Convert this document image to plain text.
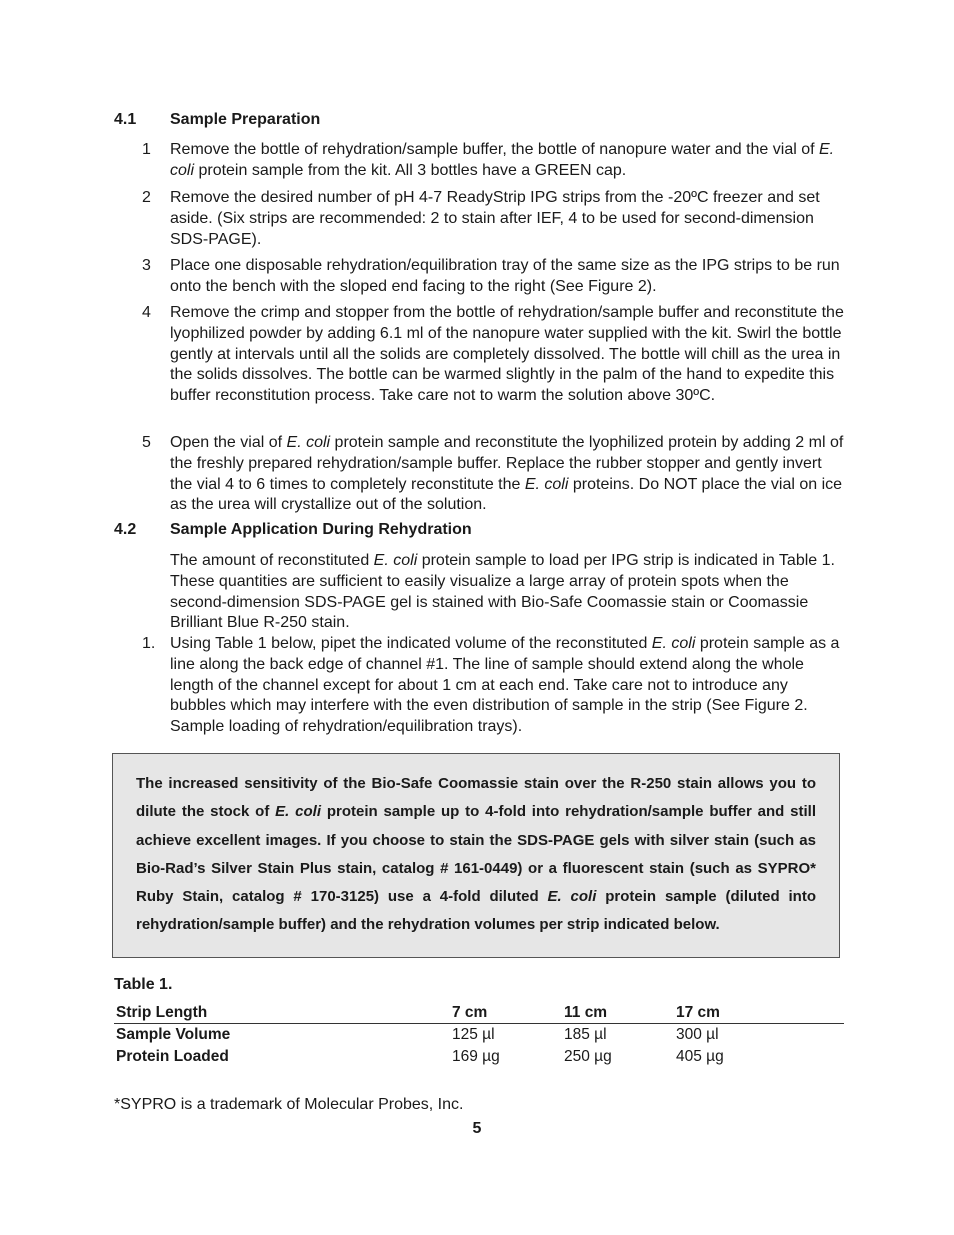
4.1 Sample Preparation
1	Remove the bottle of rehydration/sample buffer, the bottle of nanopure water and the vial of E. coli protein sample from the kit. All 3 bottles have a GREEN cap.
2	Remove the desired number of pH 4-7 ReadyStrip IPG strips from the -20ºC freezer and set aside. (Six strips are recommended: 2 to stain after IEF, 4 to be used for second-dimension SDS-PAGE).
3	Place one disposable rehydration/equilibration tray of the same size as the IPG strips to be run onto the bench with the sloped end facing to the right (See Figure 2).
4	Remove the crimp and stopper from the bottle of rehydration/sample buffer and reconstitute the lyophilized powder by adding 6.1 ml of the nanopure water supplied with the kit. Swirl the bottle gently at intervals until all the solids are completely dissolved. The bottle will chill as the urea in the solids dissolves. The bottle can be warmed slightly in the palm of the hand to expedite this buffer reconstitution process. Take care not to warm the solution above 30ºC.
5	Open the vial of E. coli protein sample and reconstitute the lyophilized protein by adding 2 ml of the freshly prepared rehydration/sample buffer. Replace the rubber stopper and gently invert the vial 4 to 6 times to completely reconstitute the E. coli proteins. Do NOT place the vial on ice as the urea will crystallize out of the solution.
4.2 Sample Application During Rehydration
The amount of reconstituted E. coli protein sample to load per IPG strip is indicated in Table 1. These quantities are sufficient to easily visualize a large array of protein spots when the second-dimension SDS-PAGE gel is stained with Bio-Safe Coomassie stain or Coomassie Brilliant Blue R-250 stain.
1. Using Table 1 below, pipet the indicated volume of the reconstituted E. coli protein sample as a line along the back edge of channel #1. The line of sample should extend along the whole length of the channel except for about 1 cm at each end. Take care not to introduce any bubbles which may interfere with the even distribution of sample in the strip (See Figure 2. Sample loading of rehydration/equilibration trays).
The increased sensitivity of the Bio-Safe Coomassie stain over the R-250 stain allows you to dilute the stock of E. coli protein sample up to 4-fold into rehydration/sample buffer and still achieve excellent images. If you choose to stain the SDS-PAGE gels with silver stain (such as Bio-Rad’s Silver Stain Plus stain, catalog # 161-0449) or a fluorescent stain (such as SYPRO* Ruby Stain, catalog # 170-3125) use a 4-fold diluted E. coli protein sample (diluted into rehydration/sample buffer) and the rehydration volumes per strip indicated below.
Table 1.
Strip Length	7 cm	11 cm	17 cm
Sample Volume	125 µl	185 µl	300 µl
Protein Loaded	169 µg	250 µg	405 µg
*SYPRO is a trademark of Molecular Probes, Inc.
5
